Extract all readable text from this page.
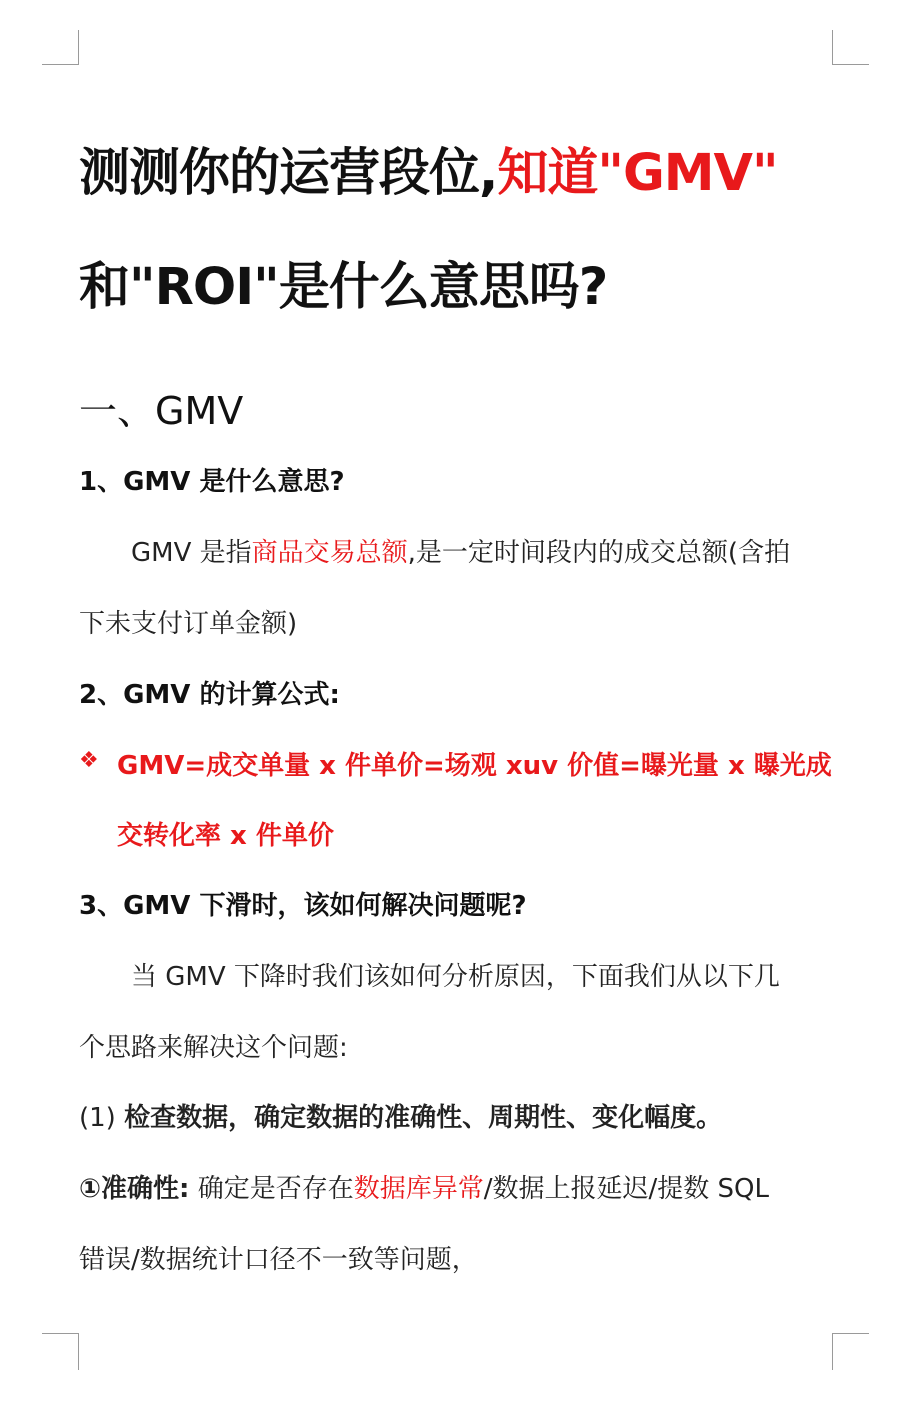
测测你的运营段位,知道"GMV"
和"ROI"是什么意思吗?
一、GMV
1、GMV 是什么意思?
GMV 是指商品交易总额,是一定时间段内的成交总额(含拍
下未支付订单金额)
2、GMV 的计算公式:
❖ GMV=成交单量 x 件单价=场观 xuv 价值=曝光量 x 曝光成
交转化率 x 件单价
3、GMV 下滑时，该如何解决问题呢?
当 GMV 下降时我们该如何分析原因，下面我们从以下几
个思路来解决这个问题:
(1) 检查数据，确定数据的准确性、周期性、变化幅度。
①准确性: 确定是否存在数据库异常/数据上报延迟/提数 SQL
错误/数据统计口径不一致等问题，
